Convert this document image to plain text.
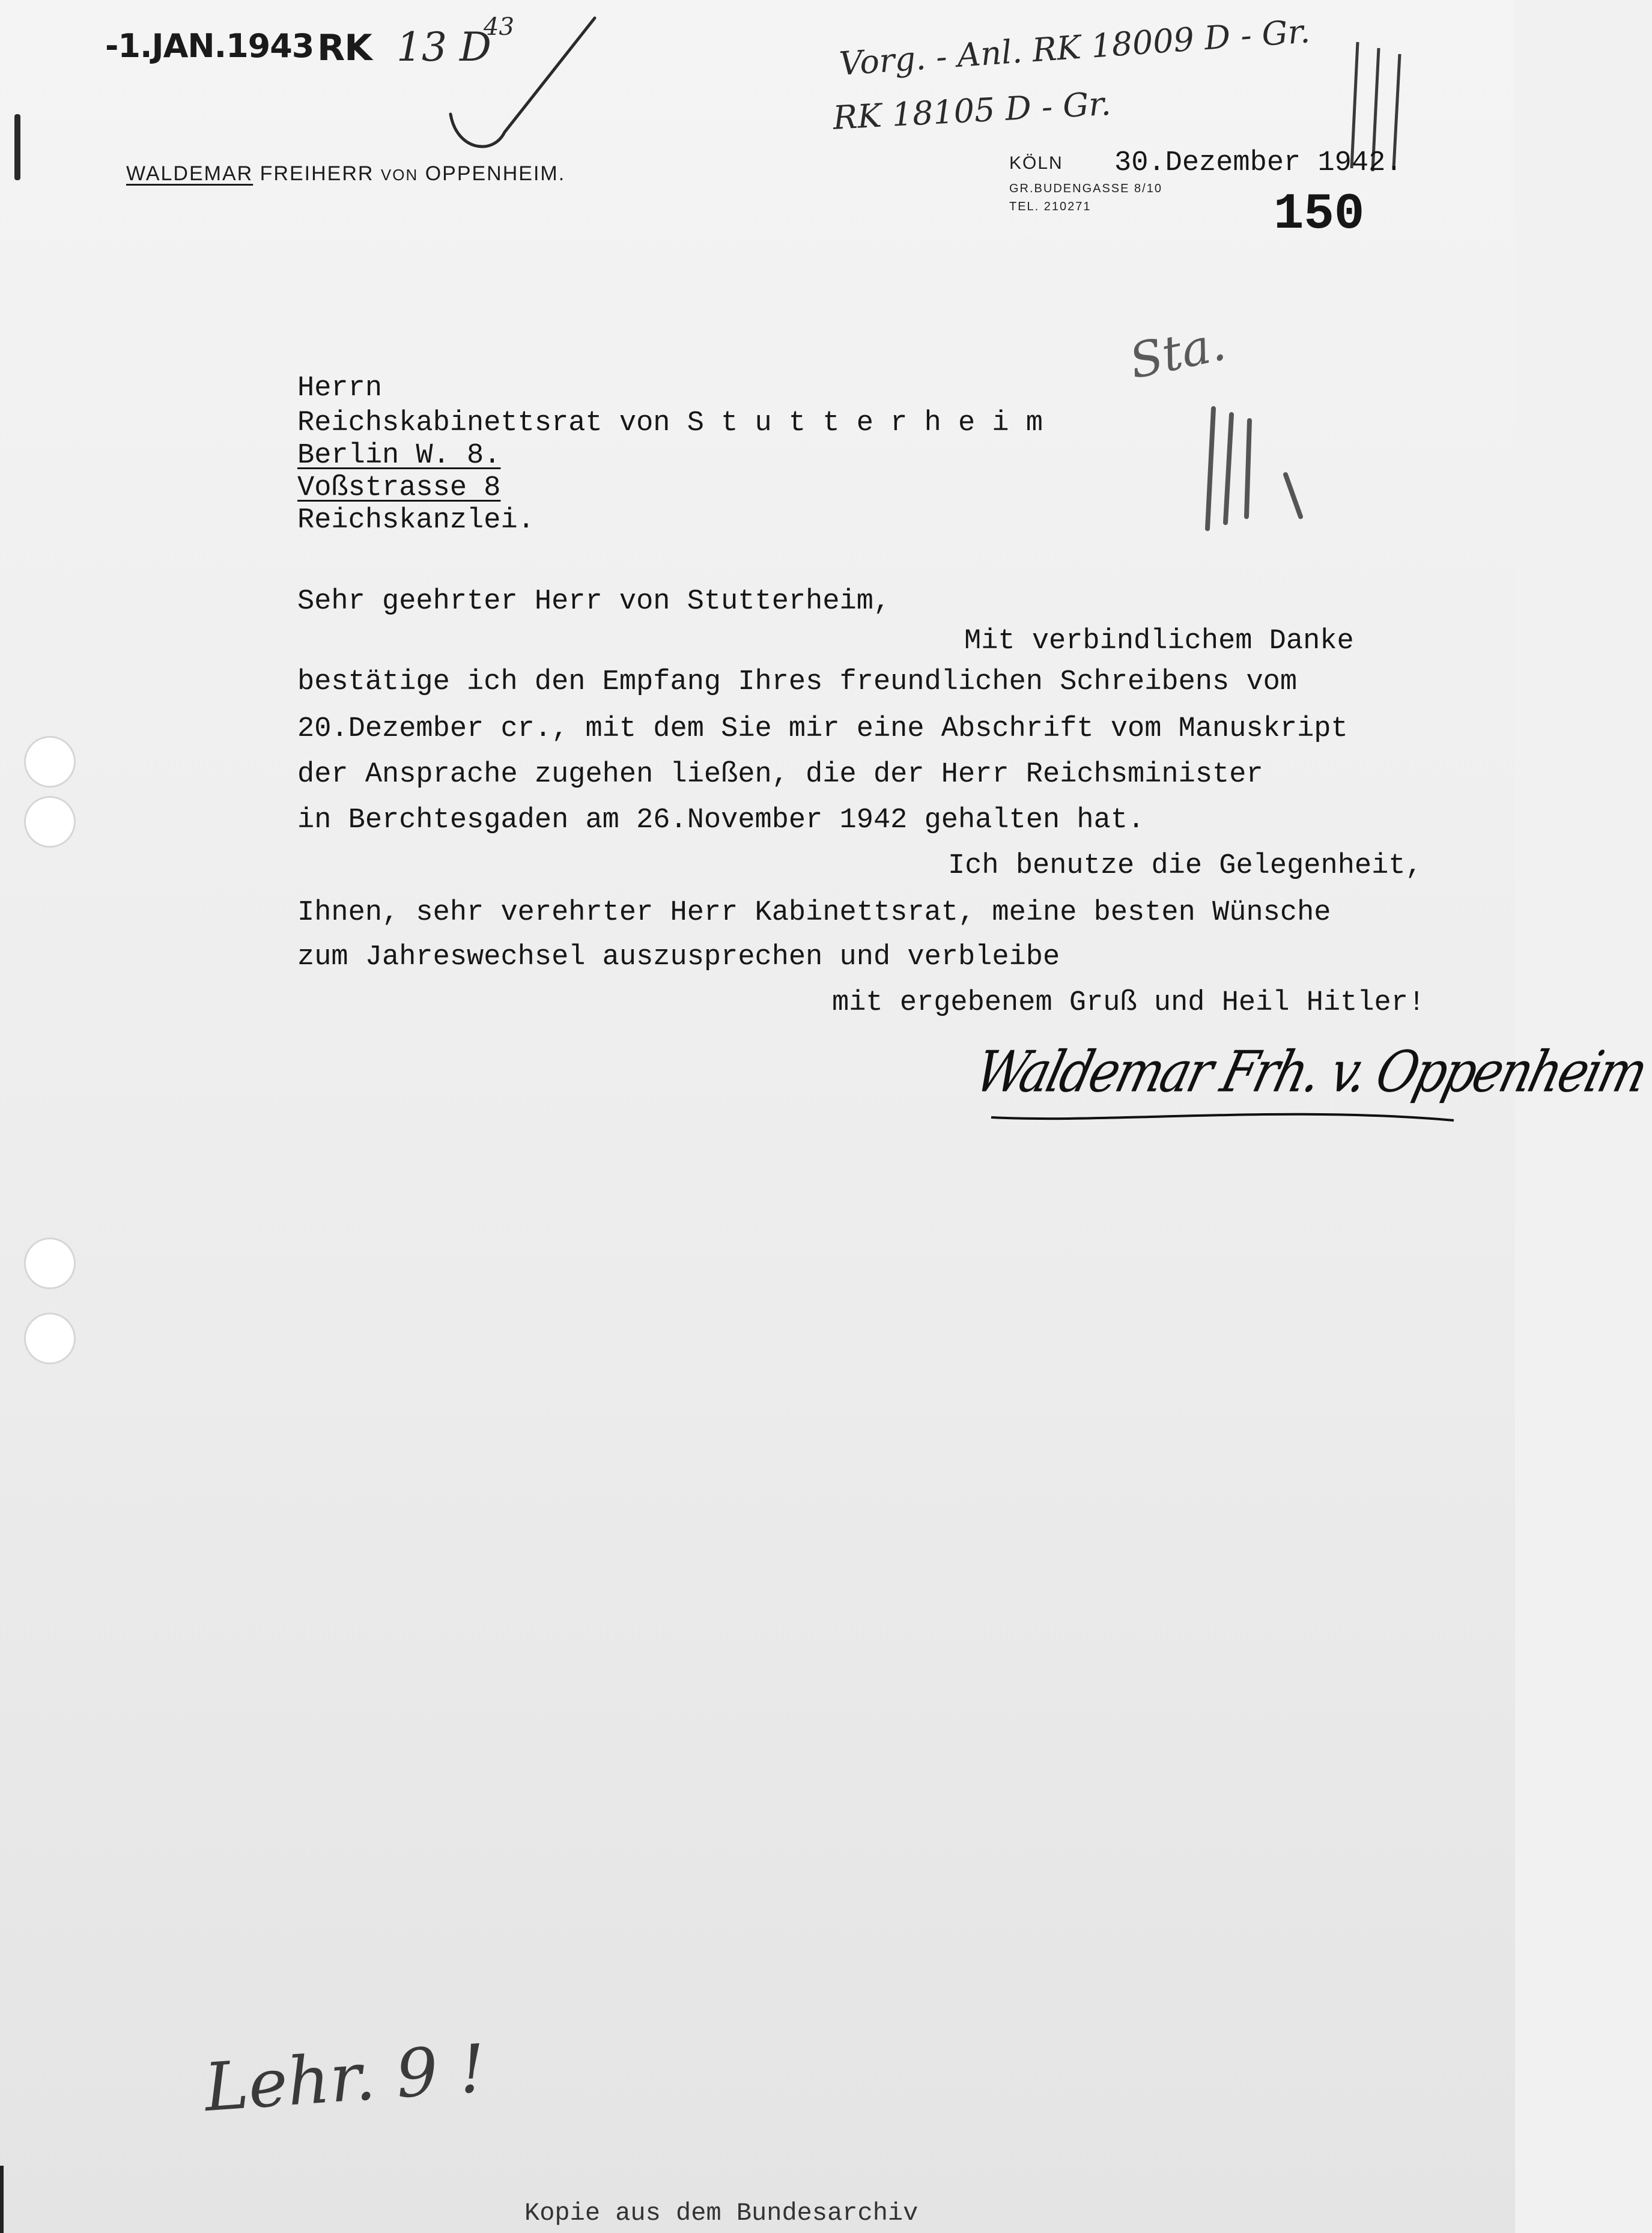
-1.JAN.1943 RK 13 D
43	Vorg. - Anl. RK 18009 D - Gr.
RK 18105 D - Gr.
WALDEMAR FREIHERR VON OPPENHEIM.	KÖLN 30.Dezember 1942.
GR.BUDENGASSE 8/10
TEL. 210271	150
Sta.
Herrn
Reichskabinettsrat von S t u t t e r h e i m
Berlin W. 8.
Voßstrasse 8
Reichskanzlei.
Sehr geehrter Herr von Stutterheim,
Mit verbindlichem Danke
bestätige ich den Empfang Ihres freundlichen Schreibens vom
20.Dezember cr., mit dem Sie mir eine Abschrift vom Manuskript
der Ansprache zugehen ließen, die der Herr Reichsminister
in Berchtesgaden am 26.November 1942 gehalten hat.
Ich benutze die Gelegenheit,
Ihnen, sehr verehrter Herr Kabinettsrat, meine besten Wünsche
zum Jahreswechsel auszusprechen und verbleibe
mit ergebenem Gruß und Heil Hitler!
Waldemar Frh. v. Oppenheim
Lehr. 9 !
Kopie aus dem Bundesarchiv
